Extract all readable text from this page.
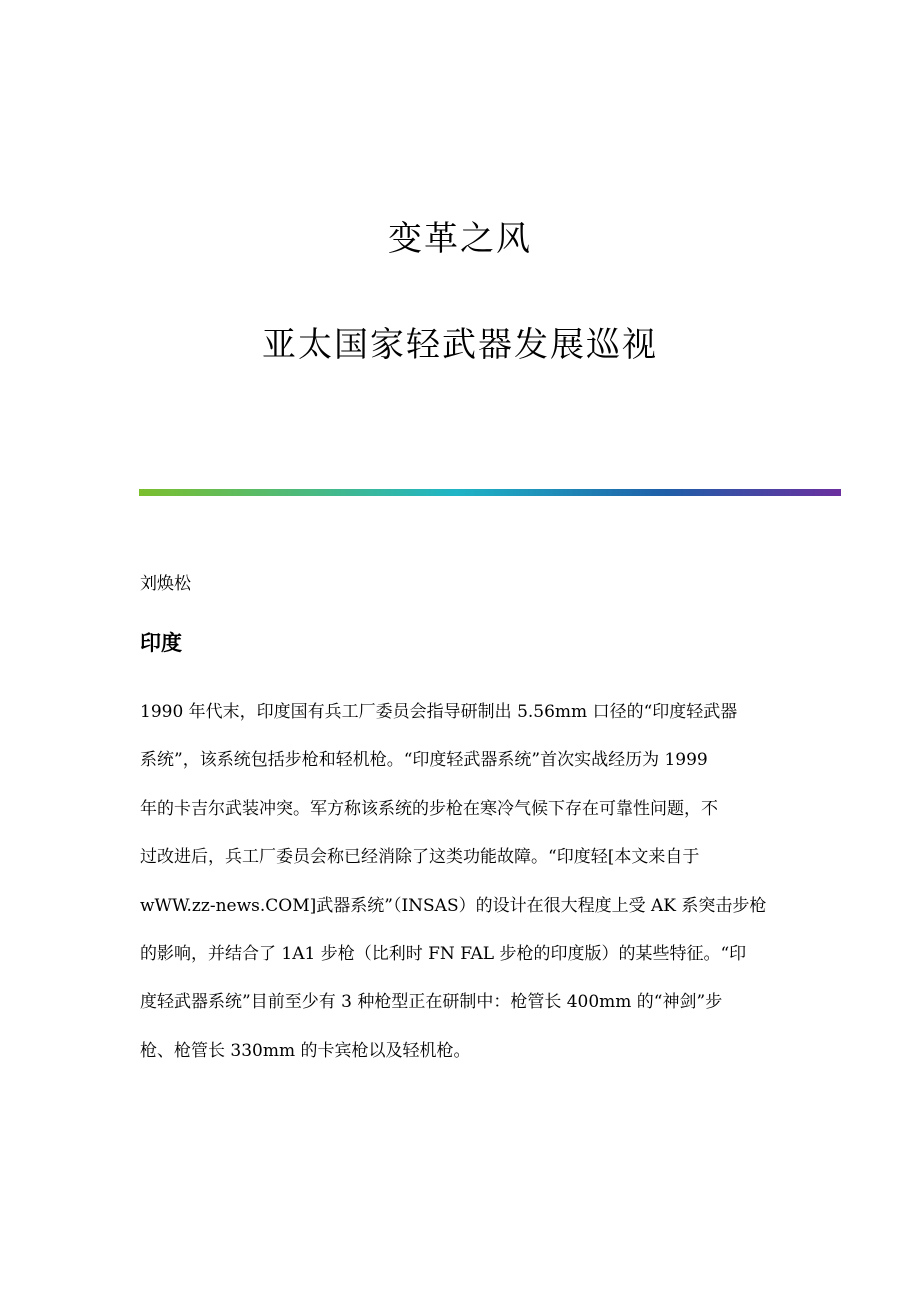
变革之风
亚太国家轻武器发展巡视
刘焕松
印度
1990 年代末，印度国有兵工厂委员会指导研制出 5.56mm 口径的“印度轻武器
系统”，该系统包括步枪和轻机枪。“印度轻武器系统”首次实战经历为 1999
年的卡吉尔武装冲突。军方称该系统的步枪在寒冷气候下存在可靠性问题，不
过改进后，兵工厂委员会称已经消除了这类功能故障。“印度轻[本文来自于
wWW.zz-news.COM]武器系统”（INSAS）的设计在很大程度上受 AK 系突击步枪
的影响，并结合了 1A1 步枪（比利时 FN FAL 步枪的印度版）的某些特征。“印
度轻武器系统”目前至少有 3 种枪型正在研制中：枪管长 400mm 的“神剑”步
枪、枪管长 330mm 的卡宾枪以及轻机枪。
